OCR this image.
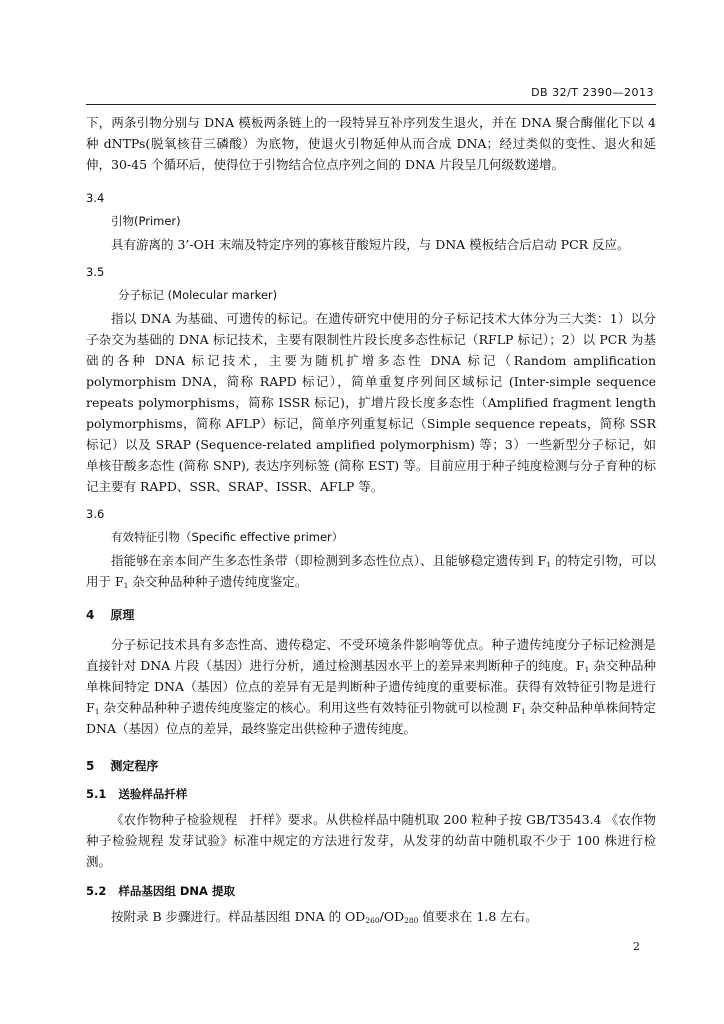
DB 32/T 2390—2013

下，两条引物分别与 DNA 模板两条链上的一段特异互补序列发生退火，并在 DNA 聚合酶催化下以 4 种 dNTPs(脱氧核苷三磷酸）为底物，使退火引物延伸从而合成 DNA；经过类似的变性、退火和延伸，30-45 个循环后，使得位于引物结合位点序列之间的 DNA 片段呈几何级数递增。

3.4
引物(Primer)

具有游离的 3’-OH 末端及特定序列的寡核苷酸短片段，与 DNA 模板结合后启动 PCR 反应。

3.5
分子标记 (Molecular marker)

指以 DNA 为基础、可遗传的标记。在遗传研究中使用的分子标记技术大体分为三大类：1）以分子杂交为基础的 DNA 标记技术，主要有限制性片段长度多态性标记（RFLP 标记）；2）以 PCR 为基础的各种 DNA 标记技术，主要为随机扩增多态性 DNA 标记（Random amplification polymorphism DNA，简称 RAPD 标记），简单重复序列间区域标记 (Inter-simple sequence repeats polymorphisms，简称 ISSR 标记)，扩增片段长度多态性（Amplified fragment length polymorphisms，简称 AFLP）标记，简单序列重复标记（Simple sequence repeats，简称 SSR 标记）以及 SRAP (Sequence-related amplified polymorphism) 等；3）一些新型分子标记，如单核苷酸多态性 (简称 SNP), 表达序列标签 (简称 EST) 等。目前应用于种子纯度检测与分子育种的标记主要有 RAPD、SSR、SRAP、ISSR、AFLP 等。

3.6
有效特征引物（Specific effective primer）

指能够在亲本间产生多态性条带（即检测到多态性位点）、且能够稳定遗传到 $F_1$ 的特定引物，可以用于 $F_1$ 杂交种品种种子遗传纯度鉴定。

4 原理

分子标记技术具有多态性高、遗传稳定、不受环境条件影响等优点。种子遗传纯度分子标记检测是直接针对 DNA 片段（基因）进行分析，通过检测基因水平上的差异来判断种子的纯度。$F_1$ 杂交种品种单株间特定 DNA（基因）位点的差异有无是判断种子遗传纯度的重要标准。获得有效特征引物是进行 $F_1$ 杂交种品种种子遗传纯度鉴定的核心。利用这些有效特征引物就可以检测 $F_1$ 杂交种品种单株间特定 DNA（基因）位点的差异，最终鉴定出供检种子遗传纯度。

5 测定程序
5.1 送验样品扦样

《农作物种子检验规程　扦样》要求。从供检样品中随机取 200 粒种子按 GB/T3543.4 《农作物种子检验规程 发芽试验》标准中规定的方法进行发芽，从发芽的幼苗中随机取不少于 100 株进行检测。

5.2 样品基因组 DNA 提取

按附录 B 步骤进行。样品基因组 DNA 的 $OD_{260}/OD_{280}$ 值要求在 1.8 左右。

2
